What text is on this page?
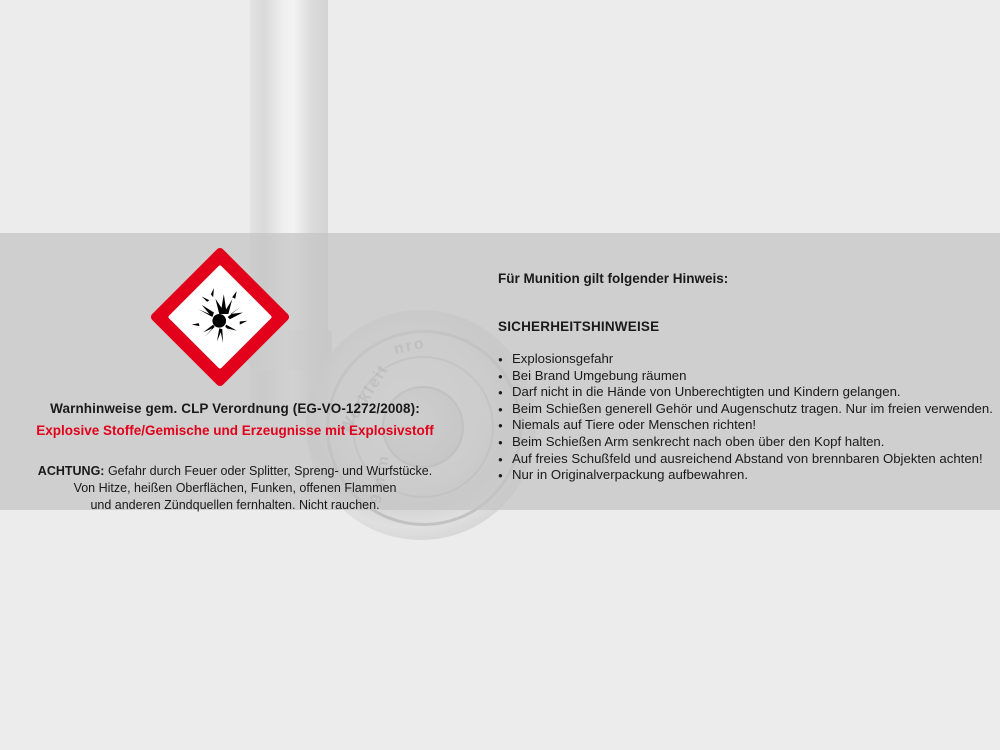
Warnhinweise gem. CLP Verordnung (EG-VO-1272/2008):
Explosive Stoffe/Gemische und Erzeugnisse mit Explosivstoff
ACHTUNG: Gefahr durch Feuer oder Splitter, Spreng- und Wurfstücke.
Von Hitze, heißen Oberflächen, Funken, offenen Flammen
und anderen Zündquellen fernhalten. Nicht rauchen.
Für Munition gilt folgender Hinweis:
SICHERHEITSHINWEISE
● Explosionsgefahr
● Bei Brand Umgebung räumen
● Darf nicht in die Hände von Unberechtigten und Kindern gelangen.
● Beim Schießen generell Gehör und Augenschutz tragen. Nur im freien verwenden.
● Niemals auf Tiere oder Menschen richten!
● Beim Schießen Arm senkrecht nach oben über den Kopf halten.
● Auf freies Schußfeld und ausreichend Abstand von brennbaren Objekten achten!
● Nur in Originalverpackung aufbewahren.
